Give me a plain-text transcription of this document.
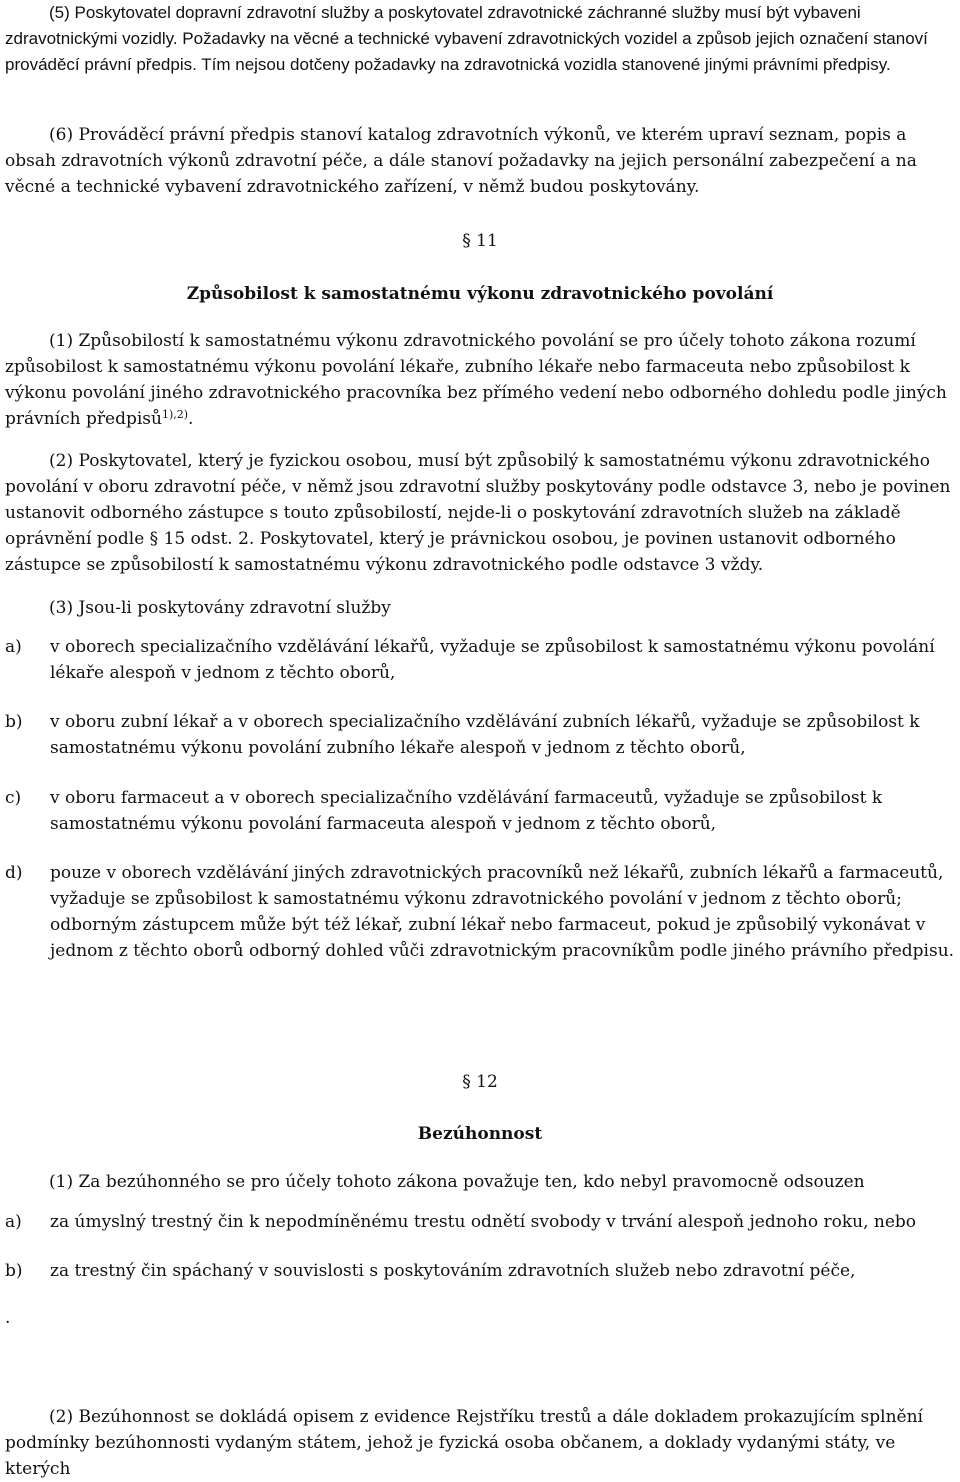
(5) Poskytovatel dopravní zdravotní služby a poskytovatel zdravotnické záchranné služby musí být vybaveni zdravotnickými vozidly. Požadavky na věcné a technické vybavení zdravotnických vozidel a způsob jejich označení stanoví prováděcí právní předpis. Tím nejsou dotčeny požadavky na zdravotnická vozidla stanovené jinými právními předpisy.

(6) Prováděcí právní předpis stanoví katalog zdravotních výkonů, ve kterém upraví seznam, popis a obsah zdravotních výkonů zdravotní péče, a dále stanoví požadavky na jejich personální zabezpečení a na věcné a technické vybavení zdravotnického zařízení, v němž budou poskytovány.

§ 11
Způsobilost k samostatnému výkonu zdravotnického povolání

(1) Způsobilostí k samostatnému výkonu zdravotnického povolání se pro účely tohoto zákona rozumí způsobilost k samostatnému výkonu povolání lékaře, zubního lékaře nebo farmaceuta nebo způsobilost k výkonu povolání jiného zdravotnického pracovníka bez přímého vedení nebo odborného dohledu podle jiných právních předpisů$^{1),2)}$.

(2) Poskytovatel, který je fyzickou osobou, musí být způsobilý k samostatnému výkonu zdravotnického povolání v oboru zdravotní péče, v němž jsou zdravotní služby poskytovány podle odstavce 3, nebo je povinen ustanovit odborného zástupce s touto způsobilostí, nejde-li o poskytování zdravotních služeb na základě oprávnění podle § 15 odst. 2. Poskytovatel, který je právnickou osobou, je povinen ustanovit odborného zástupce se způsobilostí k samostatnému výkonu zdravotnického podle odstavce 3 vždy.

(3) Jsou-li poskytovány zdravotní služby

a) v oborech specializačního vzdělávání lékařů, vyžaduje se způsobilost k samostatnému výkonu povolání lékaře alespoň v jednom z těchto oborů,
b) v oboru zubní lékař a v oborech specializačního vzdělávání zubních lékařů, vyžaduje se způsobilost k samostatnému výkonu povolání zubního lékaře alespoň v jednom z těchto oborů,
c) v oboru farmaceut a v oborech specializačního vzdělávání farmaceutů, vyžaduje se způsobilost k samostatnému výkonu povolání farmaceuta alespoň v jednom z těchto oborů,
d) pouze v oborech vzdělávání jiných zdravotnických pracovníků než lékařů, zubních lékařů a farmaceutů, vyžaduje se způsobilost k samostatnému výkonu zdravotnického povolání v jednom z těchto oborů; odborným zástupcem může být též lékař, zubní lékař nebo farmaceut, pokud je způsobilý vykonávat v jednom z těchto oborů odborný dohled vůči zdravotnickým pracovníkům podle jiného právního předpisu.
§ 12
Bezúhonnost

(1) Za bezúhonného se pro účely tohoto zákona považuje ten, kdo nebyl pravomocně odsouzen

a) za úmyslný trestný čin k nepodmíněnému trestu odnětí svobody v trvání alespoň jednoho roku, nebo
b) za trestný čin spáchaný v souvislosti s poskytováním zdravotních služeb nebo zdravotní péče,
.

(2) Bezúhonnost se dokládá opisem z evidence Rejstříku trestů a dále dokladem prokazujícím splnění podmínky bezúhonnosti vydaným státem, jehož je fyzická osoba občanem, a doklady vydanými státy, ve kterých
